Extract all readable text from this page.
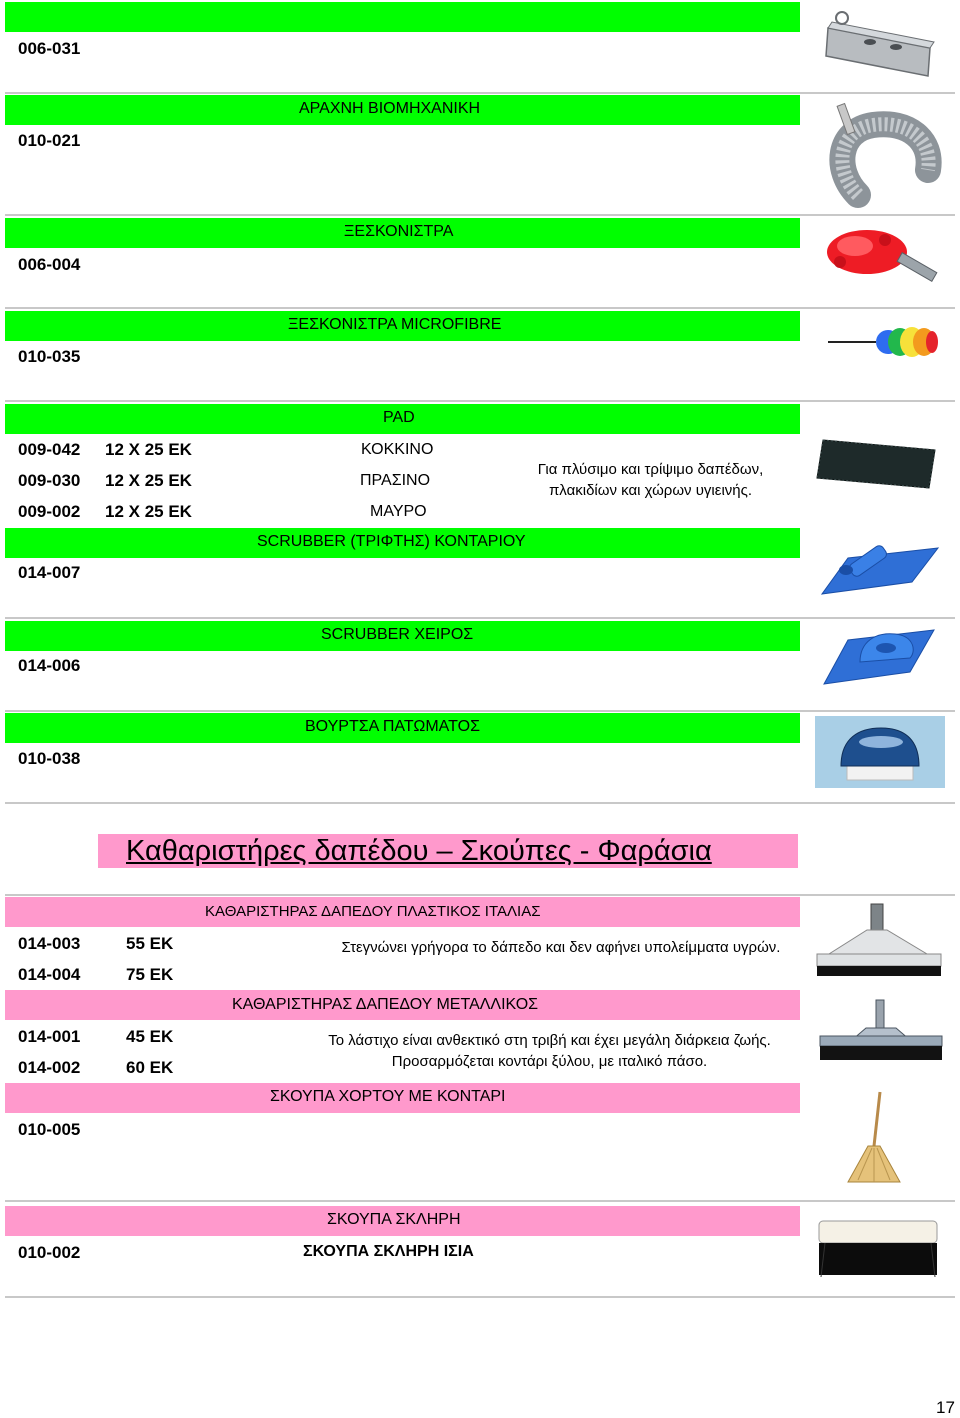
006-031
ΑΡΑΧΝΗ ΒΙΟΜΗΧΑΝΙΚΗ
010-021
ΞΕΣΚΟΝΙΣΤΡΑ
006-004
ΞΕΣΚΟΝΙΣΤΡΑ MICROFIBRE
010-035
PAD
009-042 12 X 25 EK	ΚΟΚΚΙΝΟ
009-030 12 X 25 EK	ΠΡΑΣΙΝΟ
009-002 12 X 25 EK	ΜΑΥΡΟ
Για πλύσιμο και τρίψιμο δαπέδων, πλακιδίων και χώρων υγιεινής.
SCRUBBER (ΤΡΙΦΤΗΣ) ΚΟΝΤΑΡΙΟΥ
014-007
SCRUBBER ΧΕΙΡΟΣ
014-006
ΒΟΥΡΤΣΑ ΠΑΤΩΜΑΤΟΣ
010-038
Καθαριστήρες δαπέδου – Σκούπες - Φαράσια
ΚΑΘΑΡΙΣΤΗΡΑΣ ΔΑΠΕΔΟΥ ΠΛΑΣΤΙΚΟΣ ΙΤΑΛΙΑΣ
014-003	55 EK
014-004	75 EK
Στεγνώνει γρήγορα το δάπεδο και δεν αφήνει υπολείμματα υγρών.
ΚΑΘΑΡΙΣΤΗΡΑΣ ΔΑΠΕΔΟΥ ΜΕΤΑΛΛΙΚΟΣ
014-001	45 EK
014-002	60 EK
Το λάστιχο είναι ανθεκτικό στη τριβή και έχει μεγάλη διάρκεια ζωής. Προσαρμόζεται κοντάρι ξύλου, με ιταλικό πάσο.
ΣΚΟΥΠΑ ΧΟΡΤΟΥ ΜΕ ΚΟΝΤΑΡΙ
010-005
ΣΚΟΥΠΑ ΣΚΛΗΡΗ
010-002	ΣΚΟΥΠΑ ΣΚΛΗΡΗ ΙΣΙΑ
17
